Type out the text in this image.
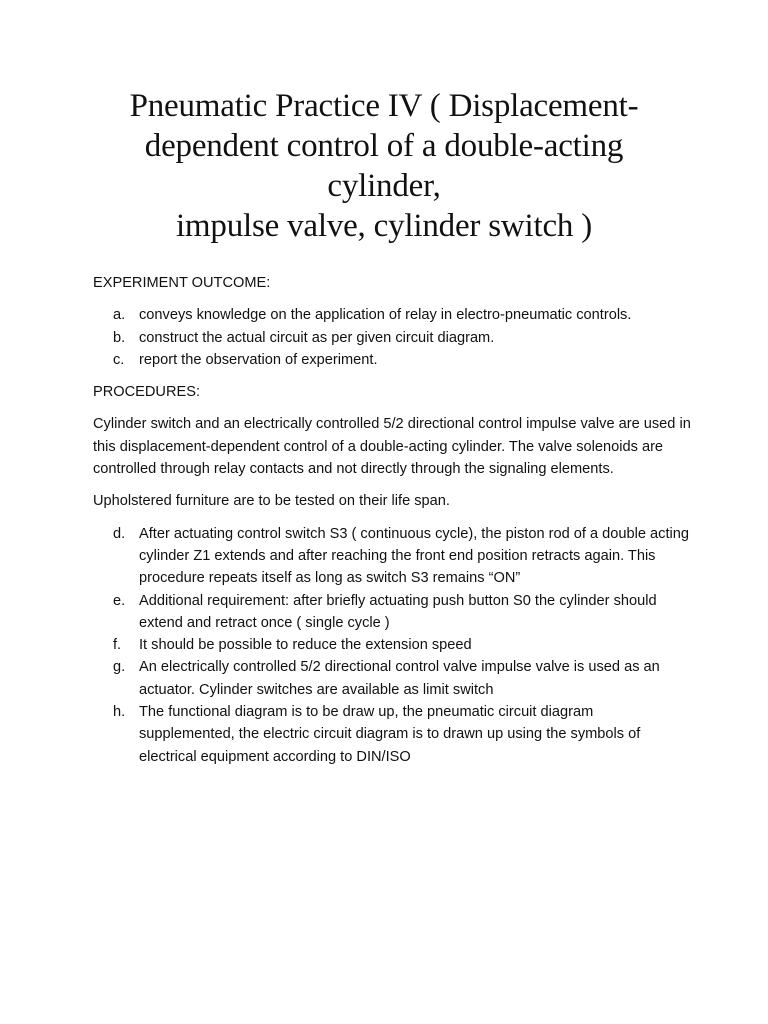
Pneumatic Practice IV ( Displacement-
dependent control of a double-acting
cylinder,
impulse valve, cylinder switch )

EXPERIMENT OUTCOME:

a. conveys knowledge on the application of relay in electro-pneumatic controls.
b. construct the actual circuit as per given circuit diagram.
c. report the observation of experiment.

PROCEDURES:

Cylinder switch and an electrically controlled 5/2 directional control impulse valve are used in this displacement-dependent control of a double-acting cylinder. The valve solenoids are controlled through relay contacts and not directly through the signaling elements.

Upholstered furniture are to be tested on their life span.

d. After actuating control switch S3 ( continuous cycle), the piston rod of a double acting cylinder Z1 extends and after reaching the front end position retracts again. This procedure repeats itself as long as switch S3 remains “ON”
e. Additional requirement: after briefly actuating push button S0 the cylinder should extend and retract once ( single cycle )
f. It should be possible to reduce the extension speed
g. An electrically controlled 5/2 directional control valve impulse valve is used as an actuator. Cylinder switches are available as limit switch
h. The functional diagram is to be draw up, the pneumatic circuit diagram supplemented, the electric circuit diagram is to drawn up using the symbols of electrical equipment according to DIN/ISO
